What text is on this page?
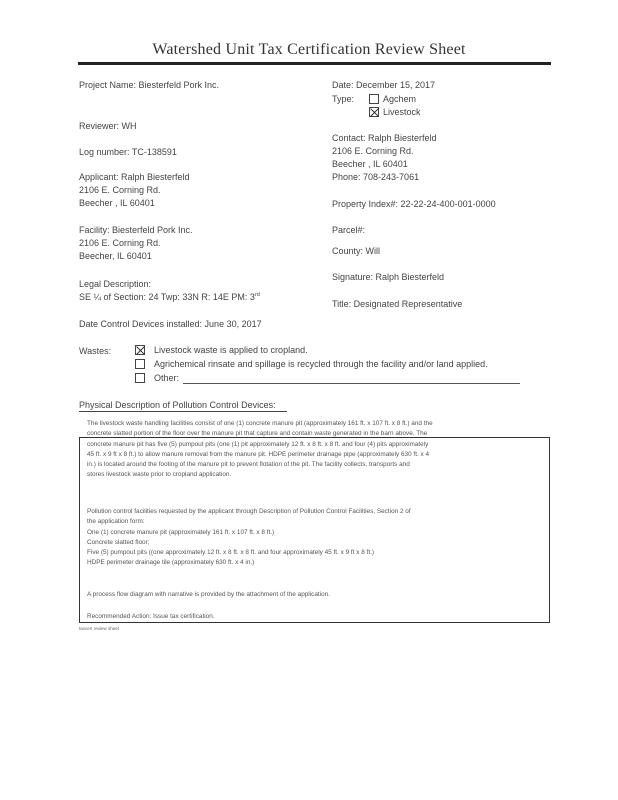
Watershed Unit Tax Certification Review Sheet
Project Name: Biesterfeld Pork Inc.
Reviewer: WH
Log number: TC-138591
Applicant: Ralph Biesterfeld
2106 E. Corning Rd.
Beecher , IL 60401
Facility: Biesterfeld Pork Inc.
2106 E. Corning Rd.
Beecher, IL 60401
Legal Description:
SE ¼ of Section: 24 Twp: 33N R: 14E PM: 3rd
Date Control Devices installed: June 30, 2017
Date: December 15, 2017
Type:	Agchem
Livestock
Contact: Ralph Biesterfeld
2106 E. Corning Rd.
Beecher , IL 60401
Phone: 708-243-7061
Property Index#: 22-22-24-400-001-0000
Parcel#:
County: Will
Signature: Ralph Biesterfeld
Title: Designated Representative
Wastes:	Livestock waste is applied to cropland.
Agrichemical rinsate and spillage is recycled through the facility and/or land applied.
Other:
Physical Description of Pollution Control Devices:
The livestock waste handling facilities consist of one (1) concrete manure pit (approximately 161 ft. x 107 ft. x 8 ft.) and the
concrete slatted portion of the floor over the manure pit that capture and contain waste generated in the barn above. The
concrete manure pit has five (5) pumpout pits (one (1) pit approximately 12 ft. x 8 ft. x 8 ft. and four (4) pits approximately
45 ft. x 9 ft x 8 ft.) to allow manure removal from the manure pit. HDPE perimeter drainage pipe (approximately 630 ft. x 4
in.) is located around the footing of the manure pit to prevent flotation of the pit. The facility collects, transports and
stores livestock waste prior to cropland application.
Pollution control facilities requested by the applicant through Description of Pollution Control Facilities, Section 2 of
the application form:
One (1) concrete manure pit (approximately 161 ft. x 107 ft. x 8 ft.)
Concrete slatted floor;
Five (5) pumpout pits ((one approximately 12 ft. x 8 ft. x 8 ft. and four approximately 45 ft. x 9 ft x 8 ft.)
HDPE perimeter drainage tile (approximately 630 ft. x 4 in.)
A process flow diagram with narrative is provided by the attachment of the application.
Recommended Action: Issue tax certification.
taxcert review sheet
